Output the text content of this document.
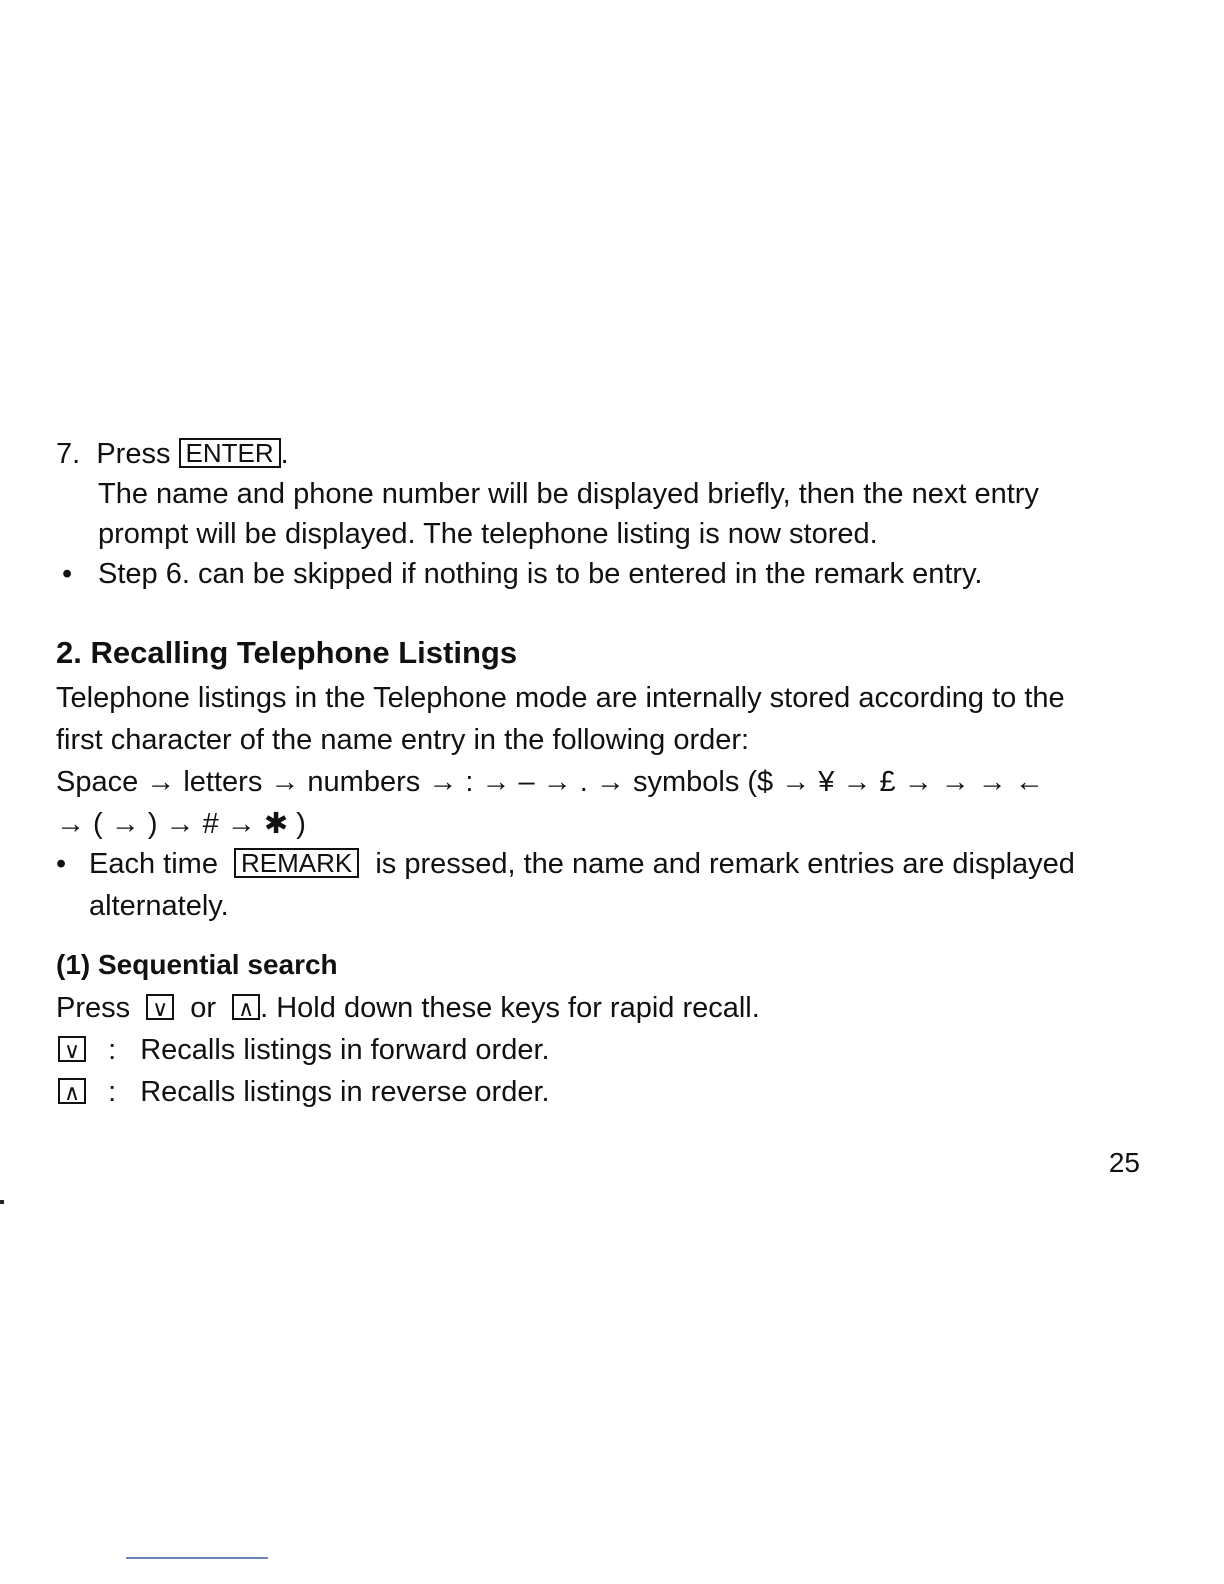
7. Press ENTER .
The name and phone number will be displayed briefly, then the next entry
prompt will be displayed. The telephone listing is now stored.
• Step 6. can be skipped if nothing is to be entered in the remark entry.
2. Recalling Telephone Listings
Telephone listings in the Telephone mode are internally stored according to the
first character of the name entry in the following order:
Space → letters → numbers → : → – → . → symbols ($ → ¥ → £ → → → ←
→ ( → ) → # → ✱ )
• Each time REMARK is pressed, the name and remark entries are displayed
alternately.
(1) Sequential search
Press ∨ or ∧ . Hold down these keys for rapid recall.
∨ : Recalls listings in forward order.
∧ : Recalls listings in reverse order.
25
